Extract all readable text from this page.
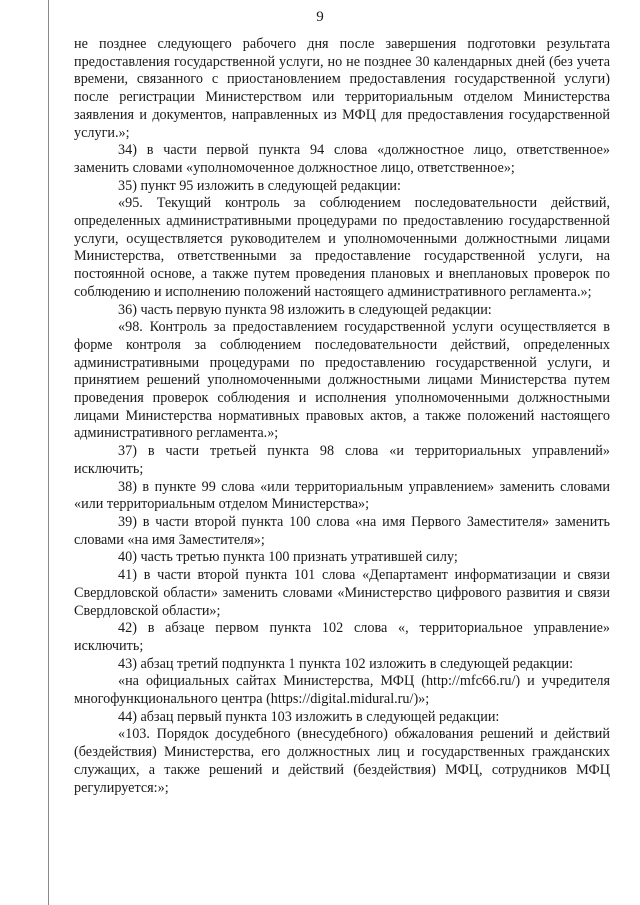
9

не позднее следующего рабочего дня после завершения подготовки результата предоставления государственной услуги, но не позднее 30 календарных дней (без учета времени, связанного с приостановлением предоставления государственной услуги) после регистрации Министерством или территориальным отделом Министерства заявления и документов, направленных из МФЦ для предоставления государственной услуги.»;

34) в части первой пункта 94 слова «должностное лицо, ответственное» заменить словами «уполномоченное должностное лицо, ответственное»;

35) пункт 95 изложить в следующей редакции:

«95. Текущий контроль за соблюдением последовательности действий, определенных административными процедурами по предоставлению государственной услуги, осуществляется руководителем и уполномоченными должностными лицами Министерства, ответственными за предоставление государственной услуги, на постоянной основе, а также путем проведения плановых и внеплановых проверок по соблюдению и исполнению положений настоящего административного регламента.»;

36) часть первую пункта 98 изложить в следующей редакции:

«98. Контроль за предоставлением государственной услуги осуществляется в форме контроля за соблюдением последовательности действий, определенных административными процедурами по предоставлению государственной услуги, и принятием решений уполномоченными должностными лицами Министерства путем проведения проверок соблюдения и исполнения уполномоченными должностными лицами Министерства нормативных правовых актов, а также положений настоящего административного регламента.»;

37) в части третьей пункта 98 слова «и территориальных управлений» исключить;

38) в пункте 99 слова «или территориальным управлением» заменить словами «или территориальным отделом Министерства»;

39) в части второй пункта 100 слова «на имя Первого Заместителя» заменить словами «на имя Заместителя»;

40) часть третью пункта 100 признать утратившей силу;

41) в части второй пункта 101 слова «Департамент информатизации и связи Свердловской области» заменить словами «Министерство цифрового развития и связи Свердловской области»;

42) в абзаце первом пункта 102 слова «, территориальное управление» исключить;

43) абзац третий подпункта 1 пункта 102 изложить в следующей редакции:

«на официальных сайтах Министерства, МФЦ (http://mfc66.ru/) и учредителя многофункционального центра (https://digital.midural.ru/)»;

44) абзац первый пункта 103 изложить в следующей редакции:

«103. Порядок досудебного (внесудебного) обжалования решений и действий (бездействия) Министерства, его должностных лиц и государственных гражданских служащих, а также решений и действий (бездействия) МФЦ, сотрудников МФЦ регулируется:»;
